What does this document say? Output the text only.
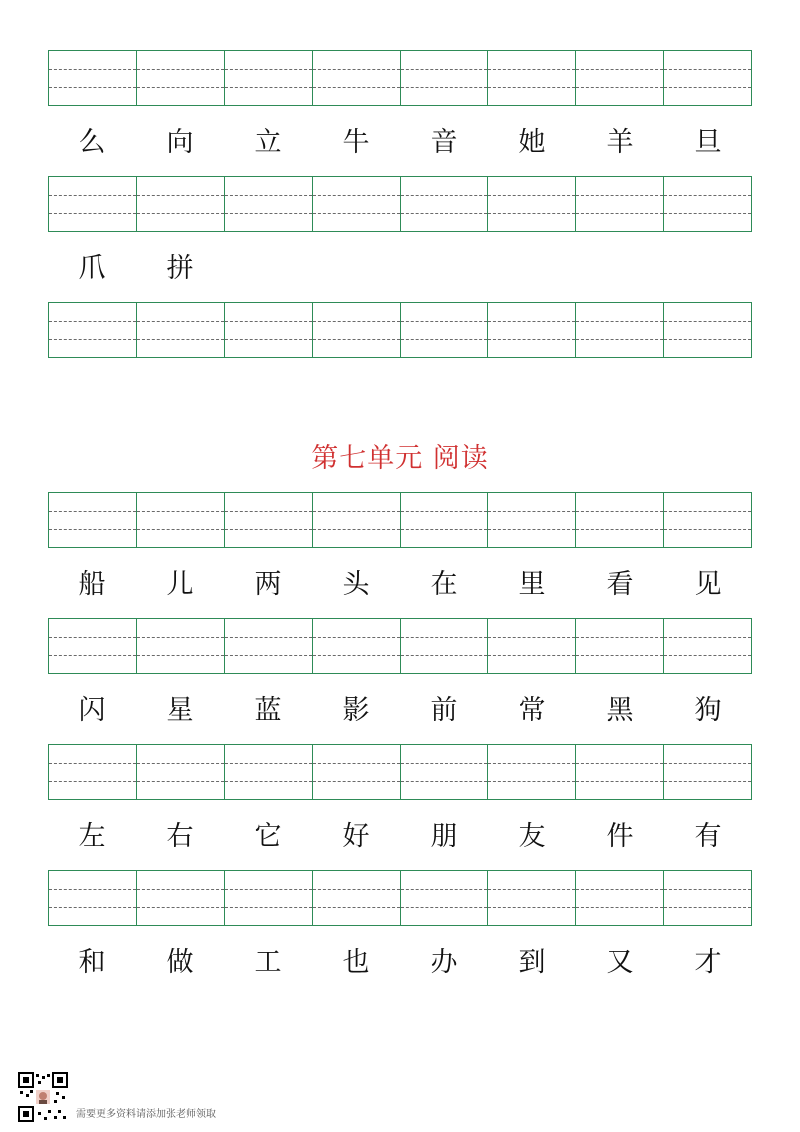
么	向	立	牛	音	她	羊	旦
爪	拼
第七单元 阅读
船	儿	两	头	在	里	看	见
闪	星	蓝	影	前	常	黑	狗
左	右	它	好	朋	友	件	有
和	做	工	也	办	到	又	才
需要更多资料请添加张老师领取
